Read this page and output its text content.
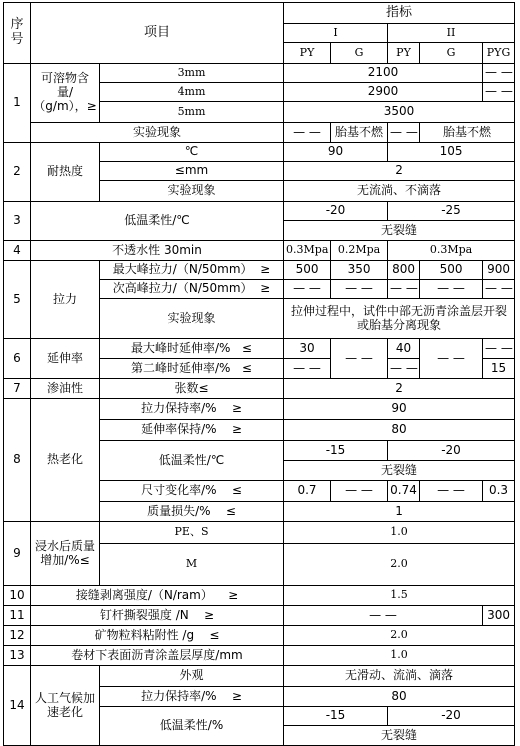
序号	项目		指标				
			I		II		
			PY	G	PY	G	PYG
1	可溶物含量/（g/m），≥	3mm	2100				— —
		4mm	2900				— —
		5mm	3500				
	实验现象		— —	胎基不燃	— —	胎基不燃	
2	耐热度	℃	90		105		
		≤mm	2				
		实验现象	无流淌、不滴落				
3	低温柔性/℃		-20		-25		
			无裂缝				
4	不透水性 30min		0.3Mpa	0.2Mpa	0.3Mpa		
5	拉力	最大峰拉力/（N/50mm） ≥	500	350	800	500	900
		次高峰拉力/（N/50mm） ≥	— —	— —	— —	— —	— —
		实验现象	拉伸过程中，试件中部无沥青涂盖层开裂或胎基分离现象				
6	延伸率	最大峰时延伸率/% ≤	30	— —	40	— —	— —
		第二峰时延伸率/% ≤	— —		— —		15
7	渗油性	张数≤	2				
8	热老化	拉力保持率/% ≥	90				
		延伸率保持/% ≥	80				
		低温柔性/℃	-15		-20		
			无裂缝				
		尺寸变化率/% ≤	0.7	— —	0.74	— —	0.3
		质量损失/% ≤	1				
9	浸水后质量增加/%≤	PE、S	1.0				
		M	2.0				
10	接缝剥离强度/（N/ram） ≥		1.5				
11	钉杆撕裂强度 /N ≥		— —				300
12	矿物粒料粘附性 /g ≤		2.0				
13	卷材下表面沥青涂盖层厚度/mm		1.0				
14	人工气候加速老化	外观	无滑动、流淌、滴落				
		拉力保持率/% ≥	80				
		低温柔性/%	-15		-20		
			无裂缝				
